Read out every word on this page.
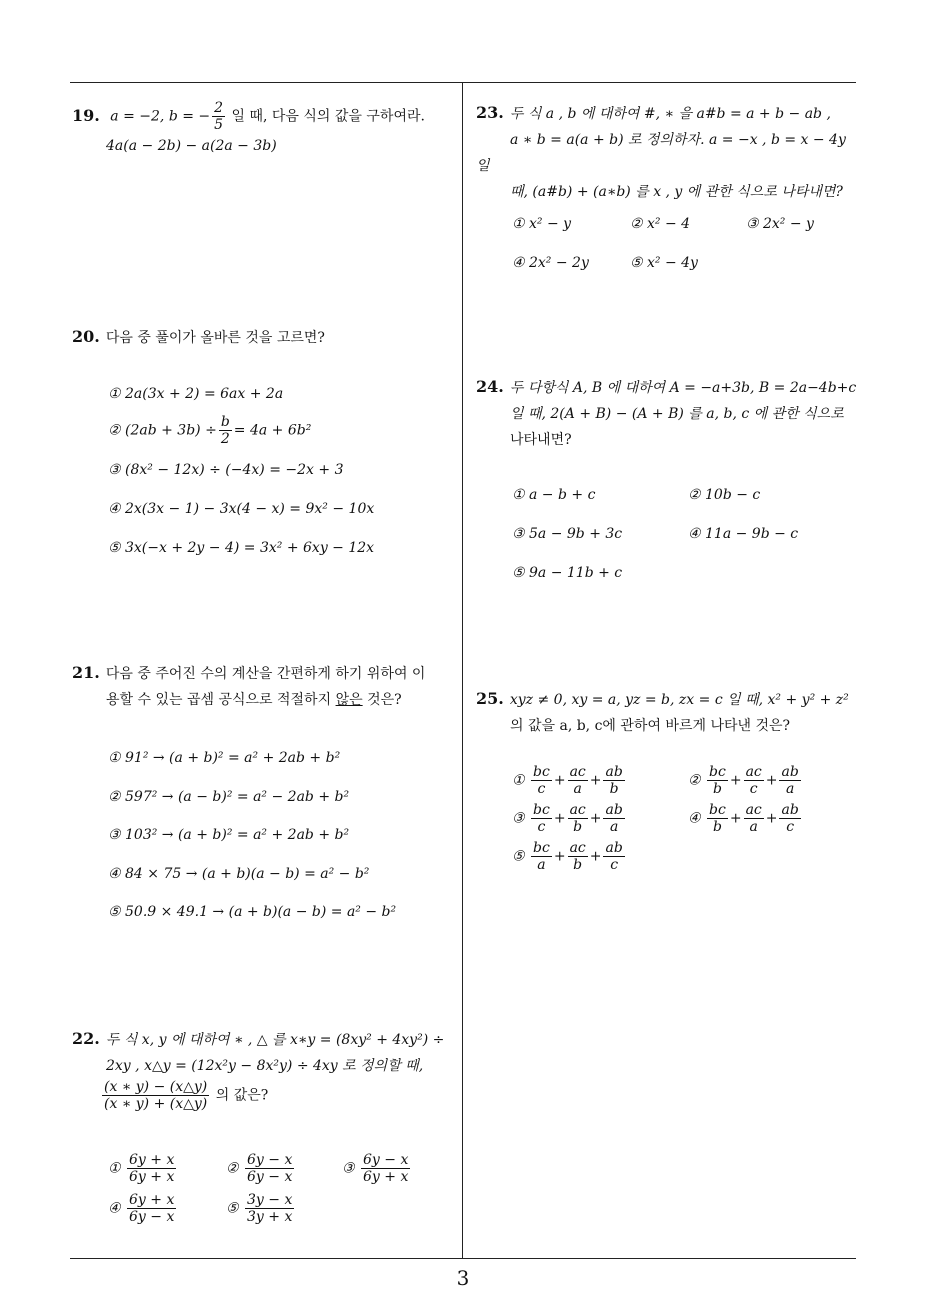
19. a = −2, b = − $\frac{2}{5}$ 일 때, 다음 식의 값을 구하여라.
4a(a − 2b) − a(2a − 3b)
20. 다음 중 풀이가 올바른 것을 고르면?
① 2a(3x + 2) = 6ax + 2a
② $(2ab + 3b) \div \frac{b}{2} = 4a + 6b^2$
③ (8x² − 12x) ÷ (−4x) = −2x + 3
④ 2x(3x − 1) − 3x(4 − x) = 9x² − 10x
⑤ 3x(−x + 2y − 4) = 3x² + 6xy − 12x
21. 다음 중 주어진 수의 계산을 간편하게 하기 위하여 이
용할 수 있는 곱셈 공식으로 적절하지 않은 것은?
① 91² → (a + b)² = a² + 2ab + b²
② 597² → (a − b)² = a² − 2ab + b²
③ 103² → (a + b)² = a² + 2ab + b²
④ 84 × 75 → (a + b)(a − b) = a² − b²
⑤ 50.9 × 49.1 → (a + b)(a − b) = a² − b²
22. 두 식 x, y 에 대하여 ∗ , △ 를 x∗y = (8xy² + 4xy²) ÷
2xy , x△y = (12x²y − 8x²y) ÷ 4xy 로 정의할 때,

$\frac{(x ∗ y) - (x\triangle y)}{(x ∗ y) + (x\triangle y)}$ 의 값은?
① $\frac{6y + x}{6y + x}$	② $\frac{6y - x}{6y - x}$	③ $\frac{6y - x}{6y + x}$
④ $\frac{6y + x}{6y - x}$	⑤ $\frac{3y - x}{3y + x}$
23. 두 식 a , b 에 대하여 #, ∗ 을 a#b = a + b − ab ,
a ∗ b = a(a + b) 로 정의하자. a = −x , b = x − 4y 일
때, (a#b) + (a∗b) 를 x , y 에 관한 식으로 나타내면?
① x² − y	② x² − 4	③ 2x² − y
④ 2x² − 2y	⑤ x² − 4y
24. 두 다항식 A, B 에 대하여 A = −a+3b, B = 2a−4b+c
일 때, 2(A + B) − (A + B) 를 a, b, c 에 관한 식으로
나타내면?
① a − b + c	② 10b − c
③ 5a − 9b + 3c	④ 11a − 9b − c
⑤ 9a − 11b + c
25. xyz ≠ 0, xy = a, yz = b, zx = c 일 때, x² + y² + z²
의 값을 a, b, c에 관하여 바르게 나타낸 것은?
① $\frac{bc}{c} + \frac{ac}{a} + \frac{ab}{b}$	② $\frac{bc}{b} + \frac{ac}{c} + \frac{ab}{a}$
③ $\frac{bc}{c} + \frac{ac}{b} + \frac{ab}{a}$	④ $\frac{bc}{b} + \frac{ac}{a} + \frac{ab}{c}$
⑤ $\frac{bc}{a} + \frac{ac}{b} + \frac{ab}{c}$
3
